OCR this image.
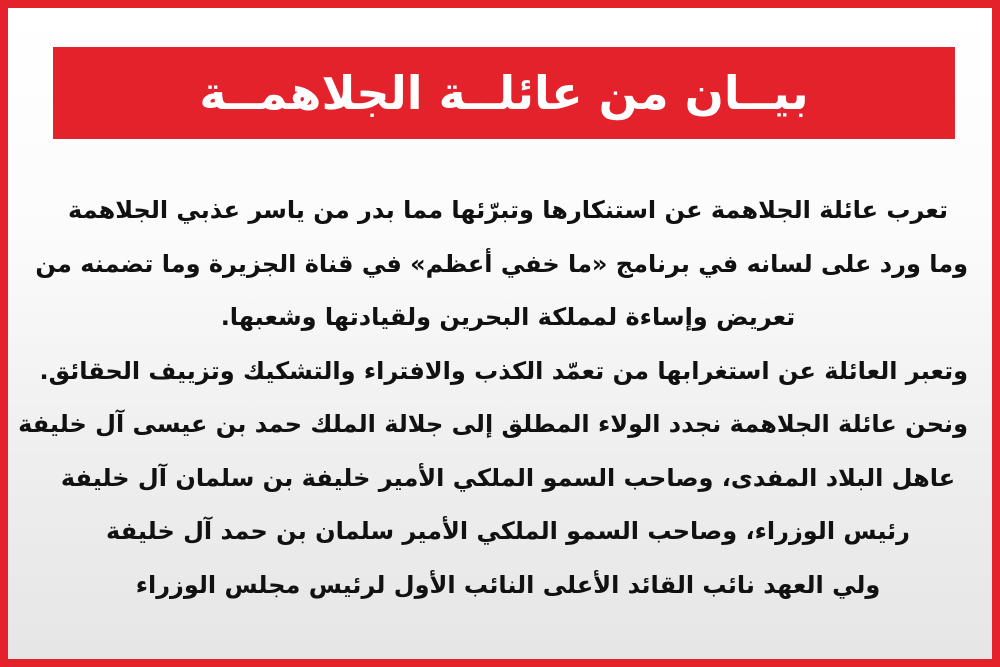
بيــان من عائلــة الجلاهمــة
تعرب عائلة الجلاهمة عن استنكارها وتبرّئها مما بدر من ياسر عذبي الجلاهمة
وما ورد على لسانه في برنامج «ما خفي أعظم» في قناة الجزيرة وما تضمنه من
تعريض وإساءة لمملكة البحرين ولقيادتها وشعبها.
وتعبر العائلة عن استغرابها من تعمّد الكذب والافتراء والتشكيك وتزييف الحقائق.
ونحن عائلة الجلاهمة نجدد الولاء المطلق إلى جلالة الملك حمد بن عيسى آل خليفة
عاهل البلاد المفدى، وصاحب السمو الملكي الأمير خليفة بن سلمان آل خليفة
رئيس الوزراء، وصاحب السمو الملكي الأمير سلمان بن حمد آل خليفة
ولي العهد نائب القائد الأعلى النائب الأول لرئيس مجلس الوزراء
